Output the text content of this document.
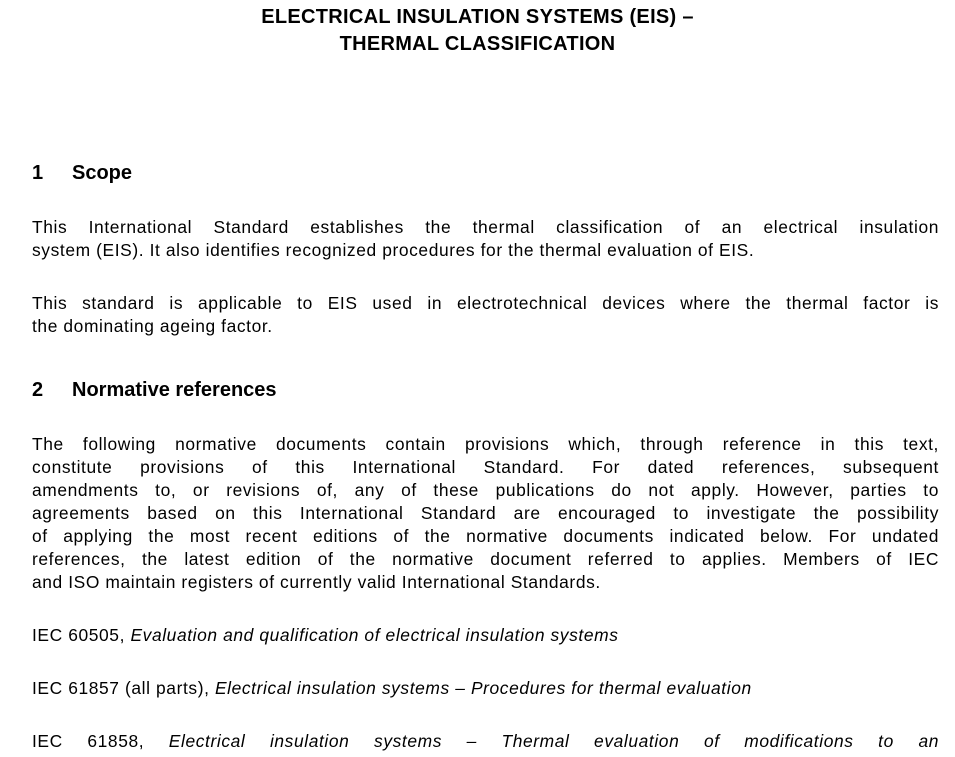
ELECTRICAL INSULATION SYSTEMS (EIS) –
THERMAL CLASSIFICATION
1 Scope

This International Standard establishes the thermal classification of an electrical insulation
system (EIS). It also identifies recognized procedures for the thermal evaluation of EIS.

This standard is applicable to EIS used in electrotechnical devices where the thermal factor is
the dominating ageing factor.

2 Normative references

The following normative documents contain provisions which, through reference in this text,
constitute provisions of this International Standard. For dated references, subsequent
amendments to, or revisions of, any of these publications do not apply. However, parties to
agreements based on this International Standard are encouraged to investigate the possibility
of applying the most recent editions of the normative documents indicated below. For undated
references, the latest edition of the normative document referred to applies. Members of IEC
and ISO maintain registers of currently valid International Standards.

IEC 60505, Evaluation and qualification of electrical insulation systems

IEC 61857 (all parts), Electrical insulation systems – Procedures for thermal evaluation

IEC 61858, Electrical insulation systems – Thermal evaluation of modifications to an
